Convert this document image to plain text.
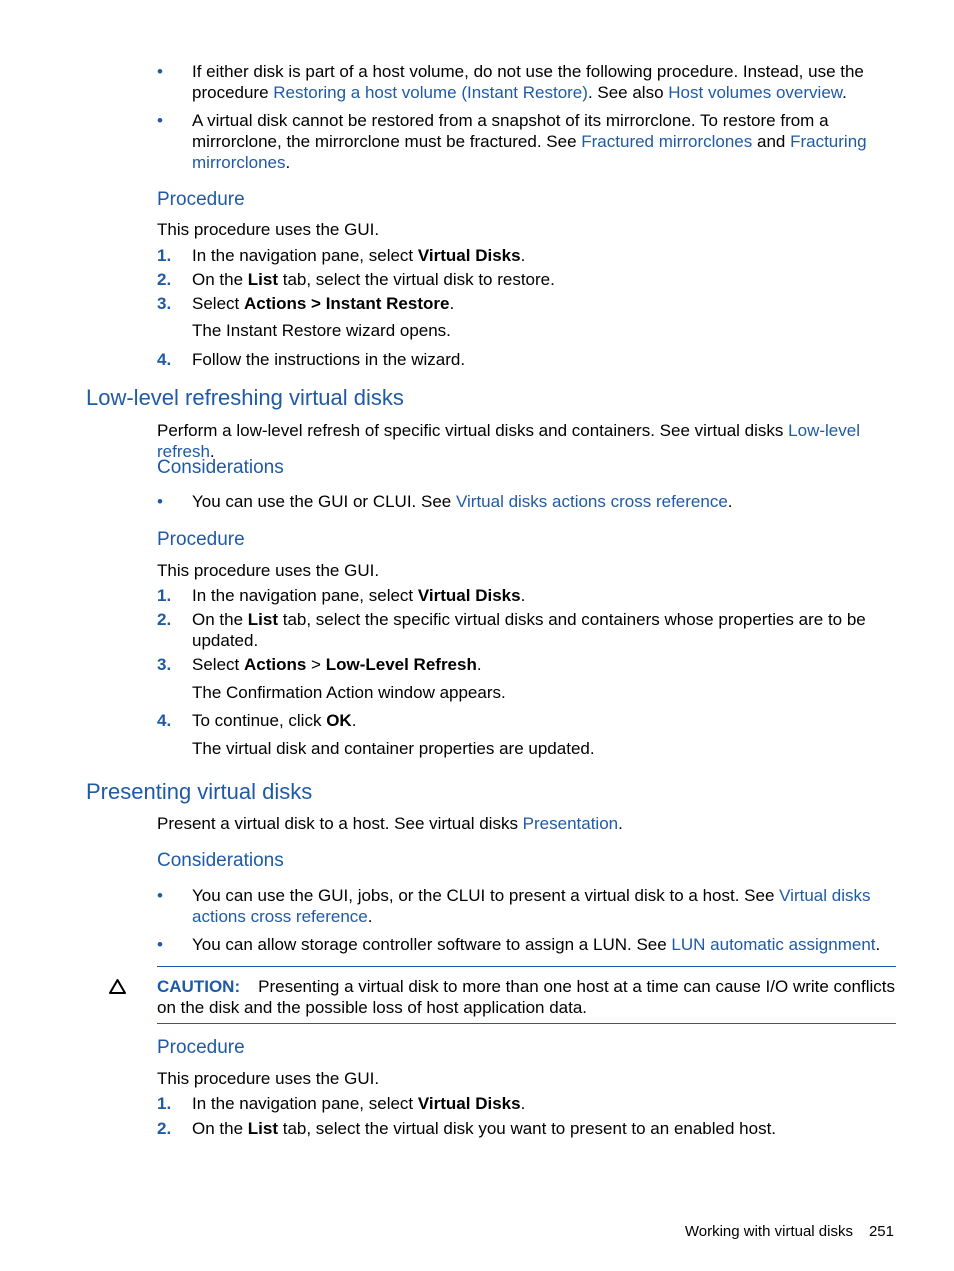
• If either disk is part of a host volume, do not use the following procedure. Instead, use the procedure Restoring a host volume (Instant Restore). See also Host volumes overview.
• A virtual disk cannot be restored from a snapshot of its mirrorclone. To restore from a mirrorclone, the mirrorclone must be fractured. See Fractured mirrorclones and Fracturing mirrorclones.
Procedure
This procedure uses the GUI.
1. In the navigation pane, select Virtual Disks.
2. On the List tab, select the virtual disk to restore.
3. Select Actions > Instant Restore.
The Instant Restore wizard opens.
4. Follow the instructions in the wizard.
Low-level refreshing virtual disks
Perform a low-level refresh of specific virtual disks and containers. See virtual disks Low-level refresh.
Considerations
• You can use the GUI or CLUI. See Virtual disks actions cross reference.
Procedure
This procedure uses the GUI.
1. In the navigation pane, select Virtual Disks.
2. On the List tab, select the specific virtual disks and containers whose properties are to be updated.
3. Select Actions > Low-Level Refresh.
The Confirmation Action window appears.
4. To continue, click OK.
The virtual disk and container properties are updated.
Presenting virtual disks
Present a virtual disk to a host. See virtual disks Presentation.
Considerations
• You can use the GUI, jobs, or the CLUI to present a virtual disk to a host. See Virtual disks actions cross reference.
• You can allow storage controller software to assign a LUN. See LUN automatic assignment.
CAUTION: Presenting a virtual disk to more than one host at a time can cause I/O write conflicts on the disk and the possible loss of host application data.
Procedure
This procedure uses the GUI.
1. In the navigation pane, select Virtual Disks.
2. On the List tab, select the virtual disk you want to present to an enabled host.
Working with virtual disks 251
